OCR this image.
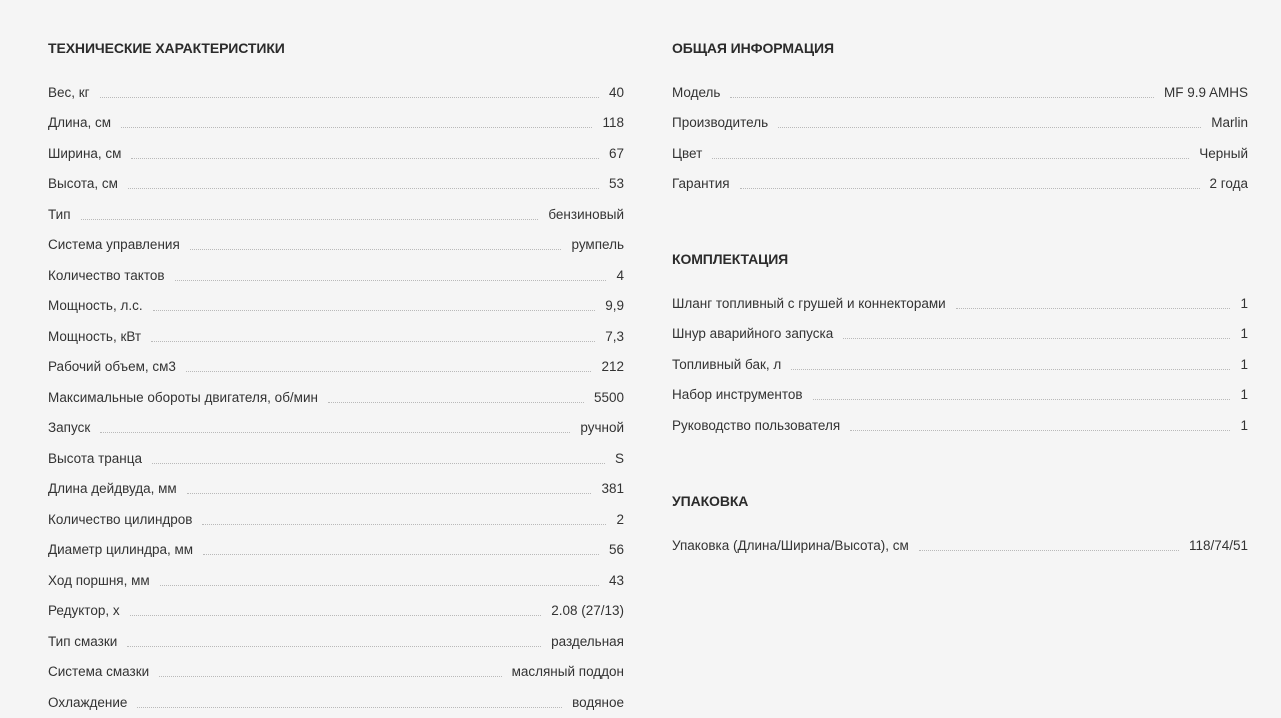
ТЕХНИЧЕСКИЕ ХАРАКТЕРИСТИКИ
Вес, кг	40
Длина, см	118
Ширина, см	67
Высота, см	53
Тип	бензиновый
Система управления	румпель
Количество тактов	4
Мощность, л.с.	9,9
Мощность, кВт	7,3
Рабочий объем, см3	212
Максимальные обороты двигателя, об/мин	5500
Запуск	ручной
Высота транца	S
Длина дейдвуда, мм	381
Количество цилиндров	2
Диаметр цилиндра, мм	56
Ход поршня, мм	43
Редуктор, x	2.08 (27/13)
Тип смазки	раздельная
Система смазки	масляный поддон
Охлаждение	водяное
ОБЩАЯ ИНФОРМАЦИЯ
Модель	MF 9.9 AMHS
Производитель	Marlin
Цвет	Черный
Гарантия	2 года
КОМПЛЕКТАЦИЯ
Шланг топливный с грушей и коннекторами	1
Шнур аварийного запуска	1
Топливный бак, л	1
Набор инструментов	1
Руководство пользователя	1
УПАКОВКА
Упаковка (Длина/Ширина/Высота), см	118/74/51
